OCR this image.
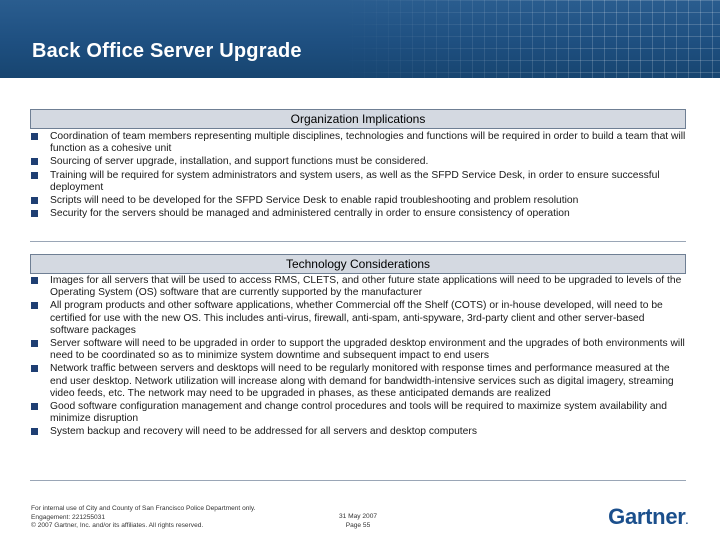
Back Office Server Upgrade
Organization Implications
Coordination of team members representing multiple disciplines, technologies and functions will be required in order to build a team that will function as a cohesive unit
Sourcing of server upgrade, installation, and support functions must be considered.
Training will be required for system administrators and system users, as well as the SFPD Service Desk, in order to ensure successful deployment
Scripts will need to be developed for the SFPD Service Desk to enable rapid troubleshooting and problem resolution
Security for the servers should be managed and administered centrally in order to ensure consistency of operation
Technology Considerations
Images for all servers that will be used to access RMS, CLETS, and other future state applications will need to be upgraded to levels of the Operating System (OS) software that are currently supported by the manufacturer
All program products and other software applications, whether Commercial off the Shelf (COTS) or in-house developed, will need to be certified for use with the new OS. This includes anti-virus, firewall, anti-spam, anti-spyware, 3rd-party client and other server-based software packages
Server software will need to be upgraded in order to support the upgraded desktop environment and the upgrades of both environments will need to be coordinated so as to minimize system downtime and subsequent impact to end users
Network traffic between servers and desktops will need to be regularly monitored with response times and performance measured at the end user desktop. Network utilization will increase along with demand for bandwidth-intensive services such as digital imagery, streaming video feeds, etc. The network may need to be upgraded in phases, as these anticipated demands are realized
Good software configuration management and change control procedures and tools will be required to maximize system availability and minimize disruption
System backup and recovery will need to be addressed for all servers and desktop computers
For internal use of City and County of San Francisco Police Department only.
Engagement: 221255031
© 2007 Gartner, Inc. and/or its affiliates. All rights reserved.
31 May 2007
Page 55	Gartner.
